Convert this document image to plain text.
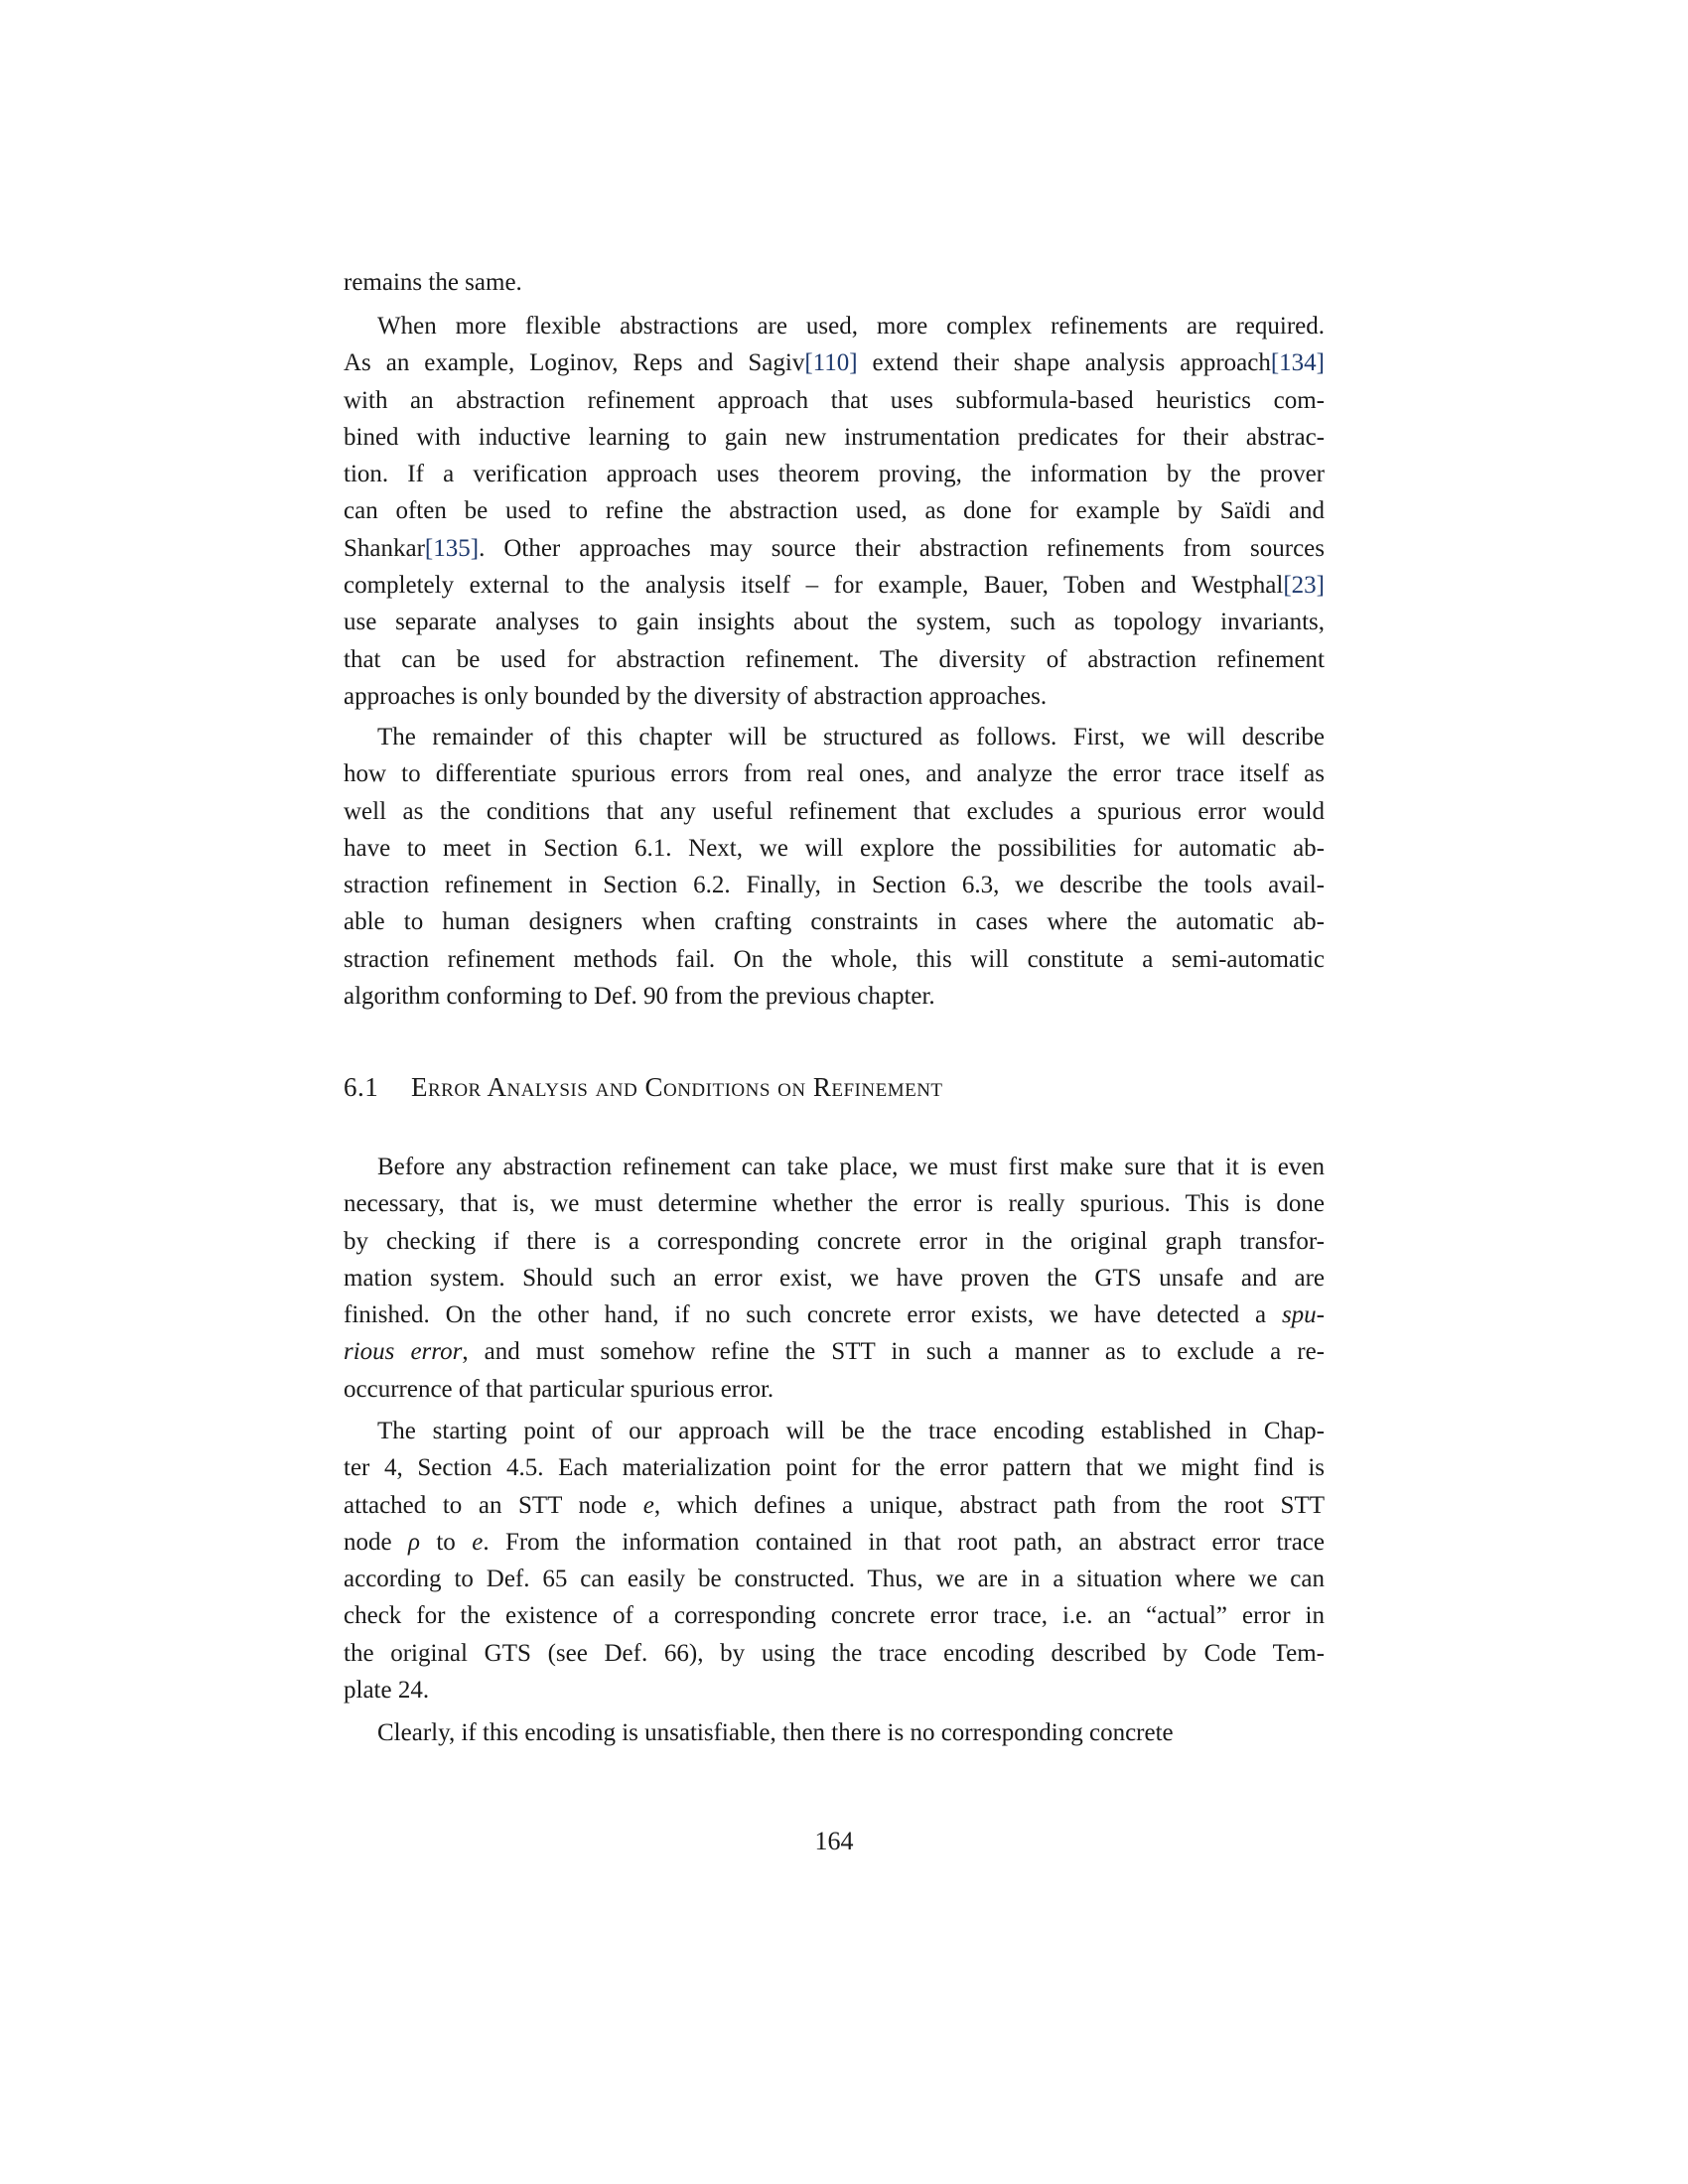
remains the same.
When more flexible abstractions are used, more complex refinements are required.
As an example, Loginov, Reps and Sagiv[110] extend their shape analysis approach[134]
with an abstraction refinement approach that uses subformula-based heuristics com-
bined with inductive learning to gain new instrumentation predicates for their abstrac-
tion. If a verification approach uses theorem proving, the information by the prover
can often be used to refine the abstraction used, as done for example by Saïdi and
Shankar[135]. Other approaches may source their abstraction refinements from sources
completely external to the analysis itself – for example, Bauer, Toben and Westphal[23]
use separate analyses to gain insights about the system, such as topology invariants,
that can be used for abstraction refinement. The diversity of abstraction refinement
approaches is only bounded by the diversity of abstraction approaches.
The remainder of this chapter will be structured as follows. First, we will describe
how to differentiate spurious errors from real ones, and analyze the error trace itself as
well as the conditions that any useful refinement that excludes a spurious error would
have to meet in Section 6.1. Next, we will explore the possibilities for automatic ab-
straction refinement in Section 6.2. Finally, in Section 6.3, we describe the tools avail-
able to human designers when crafting constraints in cases where the automatic ab-
straction refinement methods fail. On the whole, this will constitute a semi-automatic
algorithm conforming to Def. 90 from the previous chapter.
6.1 Error Analysis and Conditions on Refinement
Before any abstraction refinement can take place, we must first make sure that it is even
necessary, that is, we must determine whether the error is really spurious. This is done
by checking if there is a corresponding concrete error in the original graph transfor-
mation system. Should such an error exist, we have proven the GTS unsafe and are
finished. On the other hand, if no such concrete error exists, we have detected a spu-
rious error, and must somehow refine the STT in such a manner as to exclude a re-
occurrence of that particular spurious error.
The starting point of our approach will be the trace encoding established in Chap-
ter 4, Section 4.5. Each materialization point for the error pattern that we might find is
attached to an STT node e, which defines a unique, abstract path from the root STT
node ρ to e. From the information contained in that root path, an abstract error trace
according to Def. 65 can easily be constructed. Thus, we are in a situation where we can
check for the existence of a corresponding concrete error trace, i.e. an “actual” error in
the original GTS (see Def. 66), by using the trace encoding described by Code Tem-
plate 24.
Clearly, if this encoding is unsatisfiable, then there is no corresponding concrete
164
